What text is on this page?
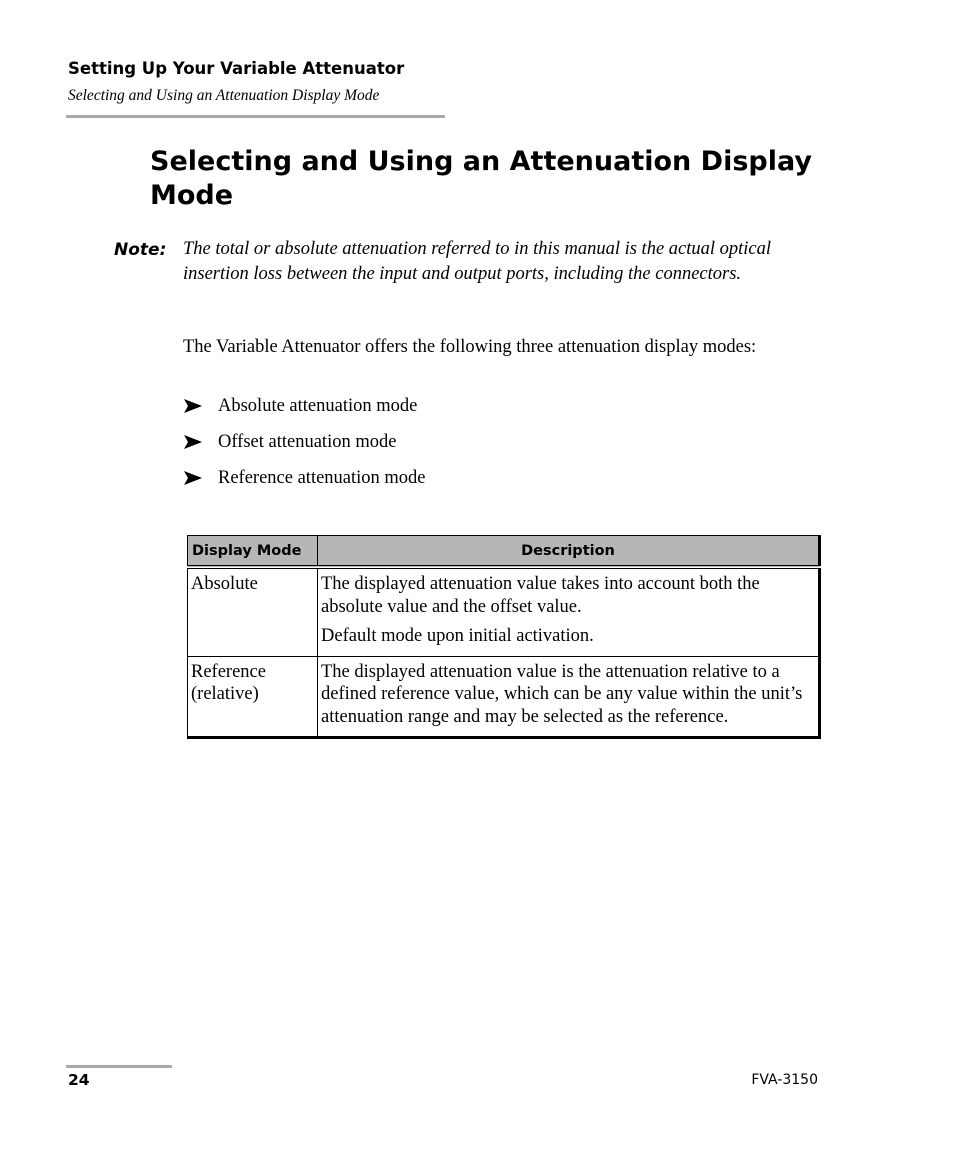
Setting Up Your Variable Attenuator
Selecting and Using an Attenuation Display Mode
Selecting and Using an Attenuation Display Mode
Note: The total or absolute attenuation referred to in this manual is the actual optical insertion loss between the input and output ports, including the connectors.
The Variable Attenuator offers the following three attenuation display modes:
Absolute attenuation mode
Offset attenuation mode
Reference attenuation mode
Display Mode	Description
Absolute	The displayed attenuation value takes into account both the absolute value and the offset value.

Default mode upon initial activation.

Reference (relative)	The displayed attenuation value is the attenuation relative to a defined reference value, which can be any value within the unit’s attenuation range and may be selected as the reference.

24	FVA-3150
